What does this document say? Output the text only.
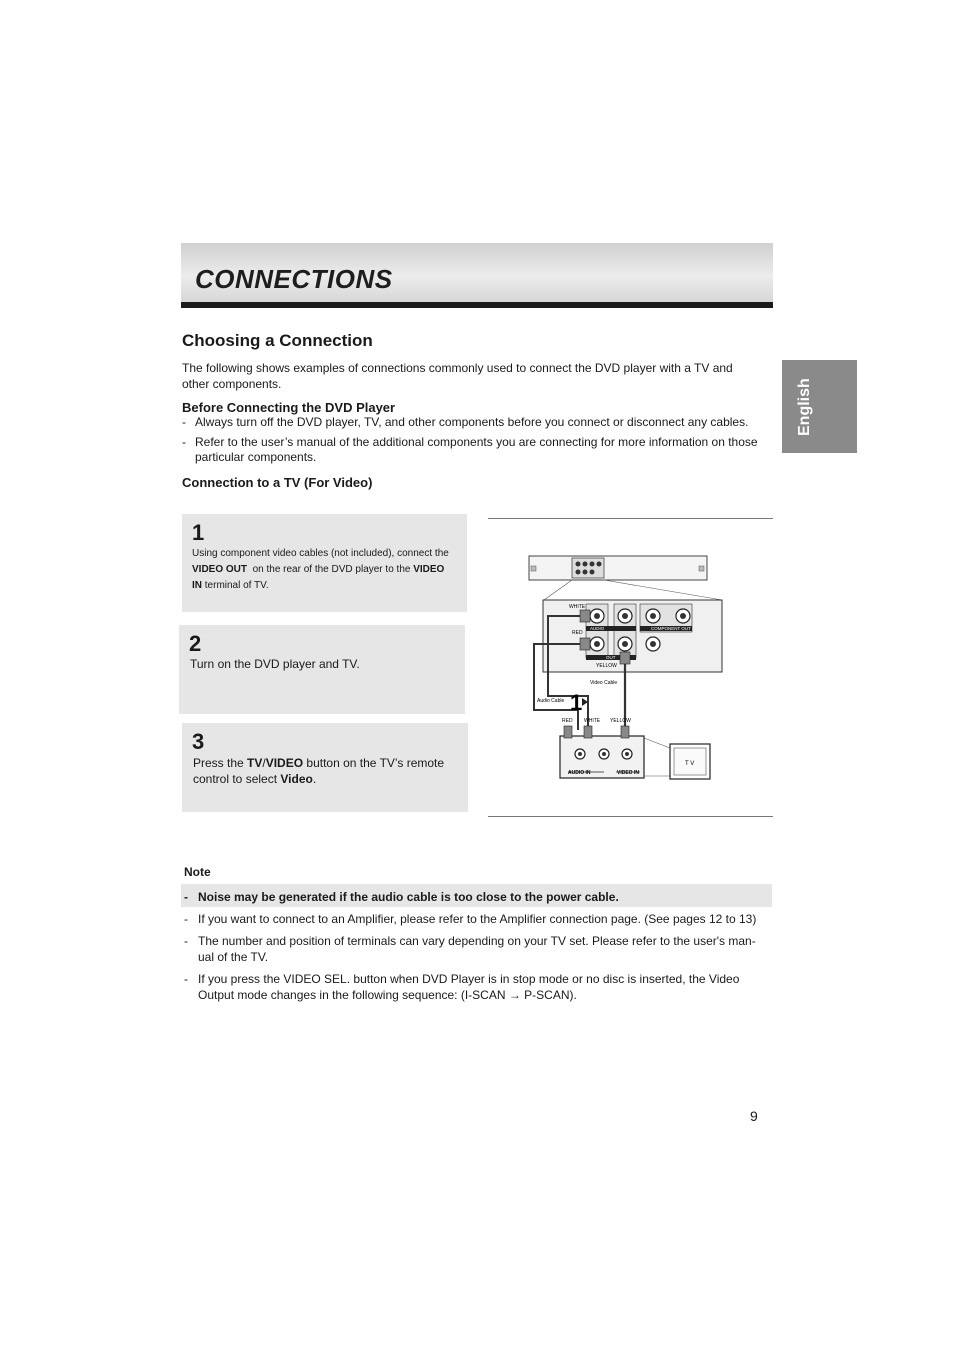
CONNECTIONS
English
Choosing a Connection
The following shows examples of connections commonly used to connect the DVD player with a TV and
other components.
Before Connecting the DVD Player
- Always turn off the DVD player, TV, and other components before you connect or disconnect any cables.
- Refer to the user’s manual of the additional components you are connecting for more information on those
particular components.
Connection to a TV (For Video)
1
Using component video cables (not included), connect the
VIDEO OUT  on the rear of the DVD player to the VIDEO
IN terminal of TV.
2
Turn on the DVD player and TV.
3
Press the TV/VIDEO button on the TV’s remote
control to select Video.
WHITE
RED
AUDIO	COMPONENT OUT
OUT
YELLOW
Video Cable
Audio Cable 1
RED WHITE YELLOW
AUDIO IN	VIDEO IN
T V
Note
- Noise may be generated if the audio cable is too close to the power cable.
- If you want to connect to an Amplifier, please refer to the Amplifier connection page. (See pages 12 to 13)
- The number and position of terminals can vary depending on your TV set. Please refer to the user's man-
ual of the TV.
- If you press the VIDEO SEL. button when DVD Player is in stop mode or no disc is inserted, the Video
Output mode changes in the following sequence: (I-SCAN → P-SCAN).
9
